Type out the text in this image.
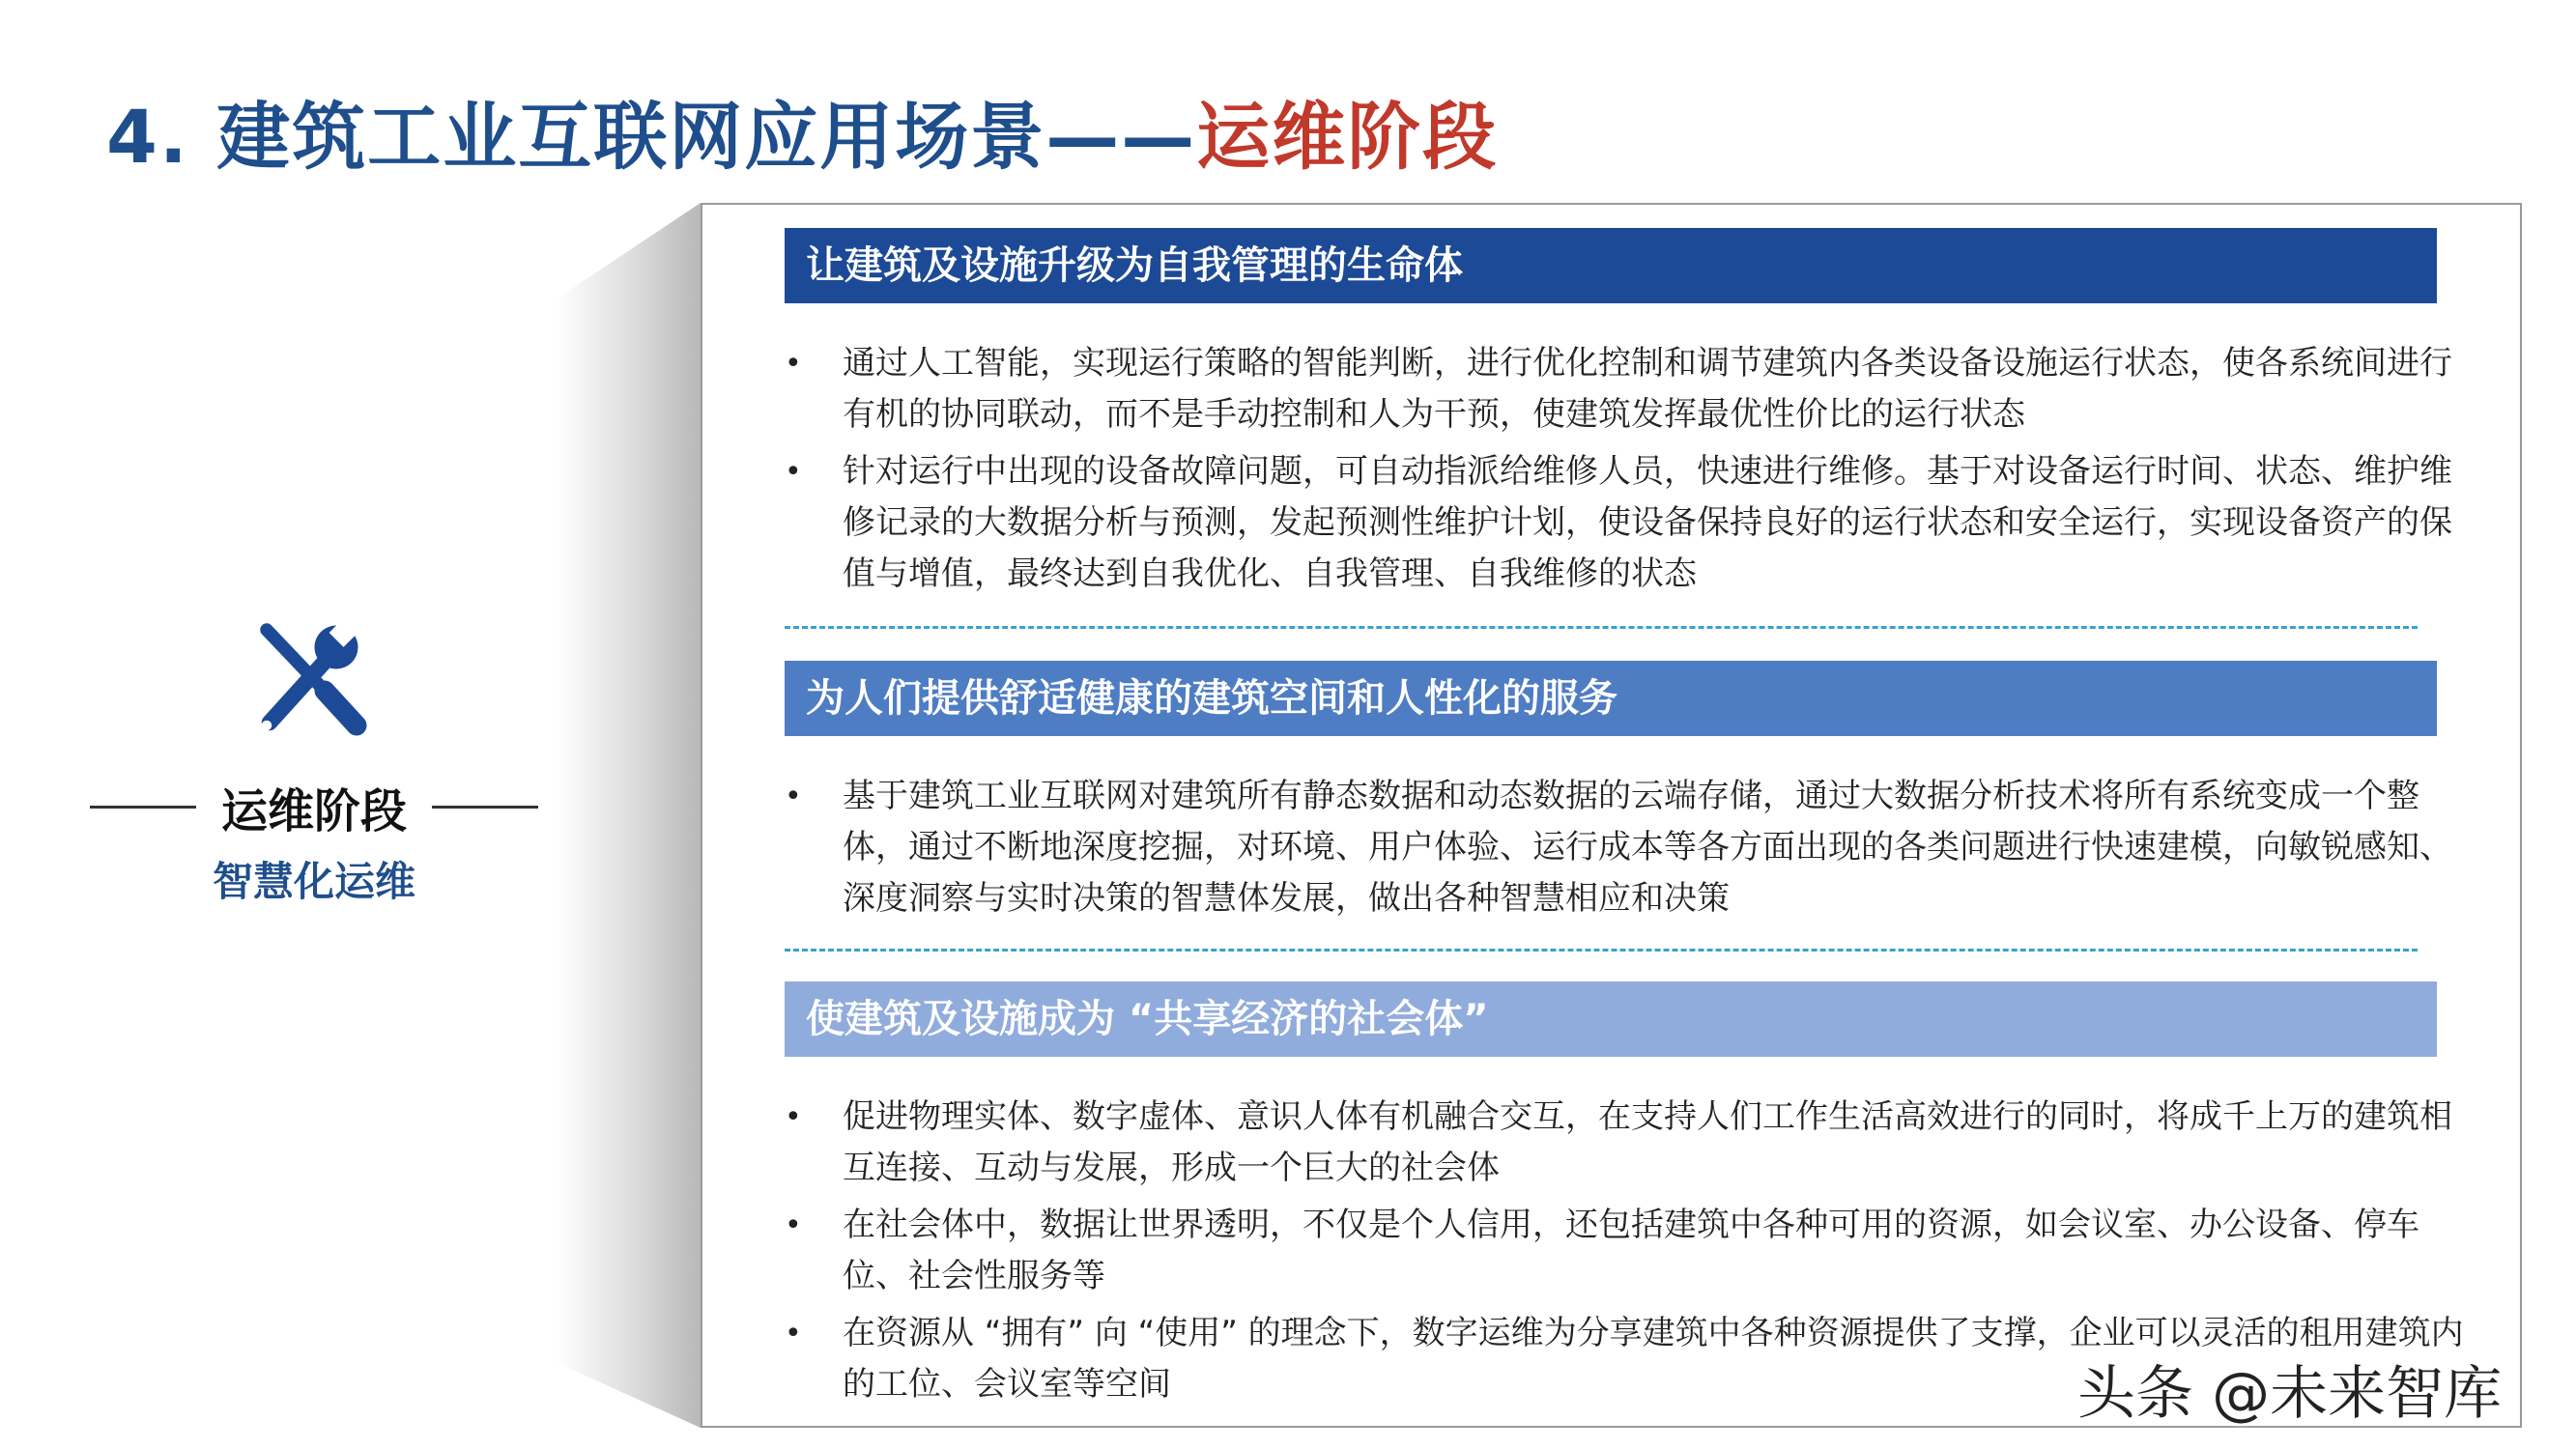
4. 建筑工业互联网应用场景——运维阶段
运维阶段
智慧化运维
让建筑及设施升级为自我管理的生命体
• 通过人工智能，实现运行策略的智能判断，进行优化控制和调节建筑内各类设备设施运行状态，使各系统间进行有机的协同联动，而不是手动控制和人为干预，使建筑发挥最优性价比的运行状态
• 针对运行中出现的设备故障问题，可自动指派给维修人员，快速进行维修。基于对设备运行时间、状态、维护维修记录的大数据分析与预测，发起预测性维护计划，使设备保持良好的运行状态和安全运行，实现设备资产的保值与增值，最终达到自我优化、自我管理、自我维修的状态
为人们提供舒适健康的建筑空间和人性化的服务
• 基于建筑工业互联网对建筑所有静态数据和动态数据的云端存储，通过大数据分析技术将所有系统变成一个整体，通过不断地深度挖掘，对环境、用户体验、运行成本等各方面出现的各类问题进行快速建模，向敏锐感知、深度洞察与实时决策的智慧体发展，做出各种智慧相应和决策
使建筑及设施成为 “共享经济的社会体”
• 促进物理实体、数字虚体、意识人体有机融合交互，在支持人们工作生活高效进行的同时，将成千上万的建筑相互连接、互动与发展，形成一个巨大的社会体
• 在社会体中，数据让世界透明，不仅是个人信用，还包括建筑中各种可用的资源，如会议室、办公设备、停车位、社会性服务等
• 在资源从 “拥有” 向 “使用” 的理念下，数字运维为分享建筑中各种资源提供了支撑，企业可以灵活的租用建筑内的工位、会议室等空间	头条 @未来智库
